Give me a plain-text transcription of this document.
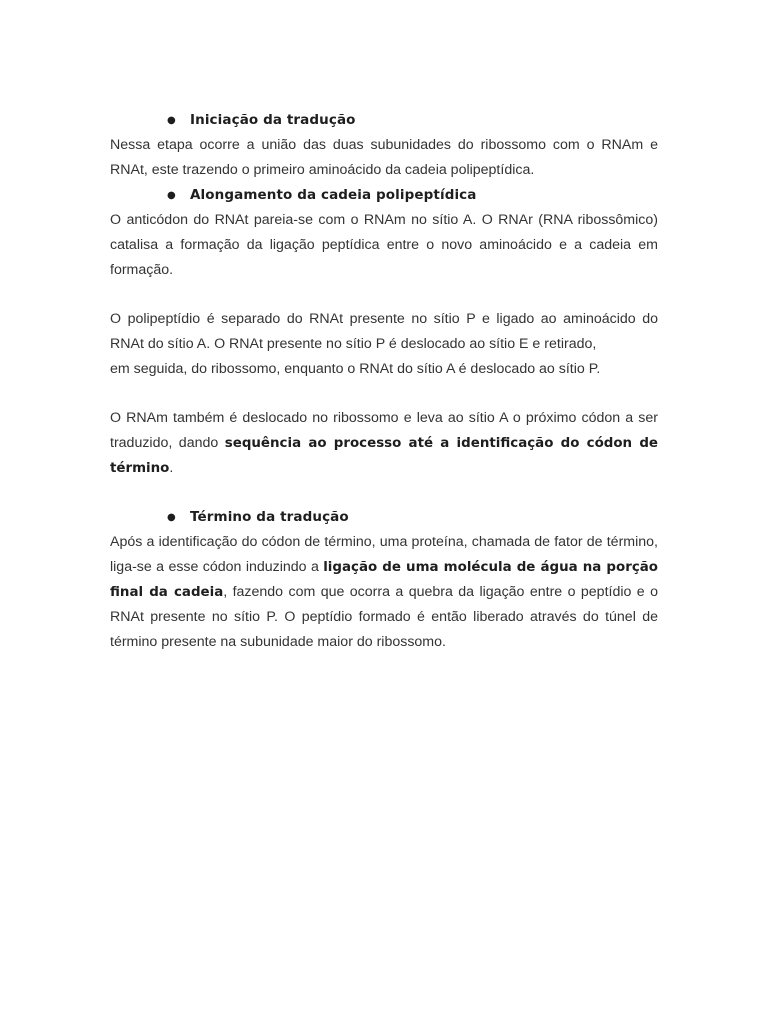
● Iniciação da tradução

Nessa etapa ocorre a união das duas subunidades do ribossomo com o RNAm e RNAt, este trazendo o primeiro aminoácido da cadeia polipeptídica.

● Alongamento da cadeia polipeptídica

O anticódon do RNAt pareia-se com o RNAm no sítio A. O RNAr (RNA ribossômico) catalisa a formação da ligação peptídica entre o novo aminoácido e a cadeia em formação.

O polipeptídio é separado do RNAt presente no sítio P e ligado ao aminoácido do RNAt do sítio A. O RNAt presente no sítio P é deslocado ao sítio E e retirado,

em seguida, do ribossomo, enquanto o RNAt do sítio A é deslocado ao sítio P.

O RNAm também é deslocado no ribossomo e leva ao sítio A o próximo códon a ser traduzido, dando sequência ao processo até a identificação do códon de término.

● Término da tradução

Após a identificação do códon de término, uma proteína, chamada de fator de término, liga-se a esse códon induzindo a ligação de uma molécula de água na porção final da cadeia, fazendo com que ocorra a quebra da ligação entre o peptídio e o RNAt presente no sítio P. O peptídio formado é então liberado através do túnel de término presente na subunidade maior do ribossomo.
